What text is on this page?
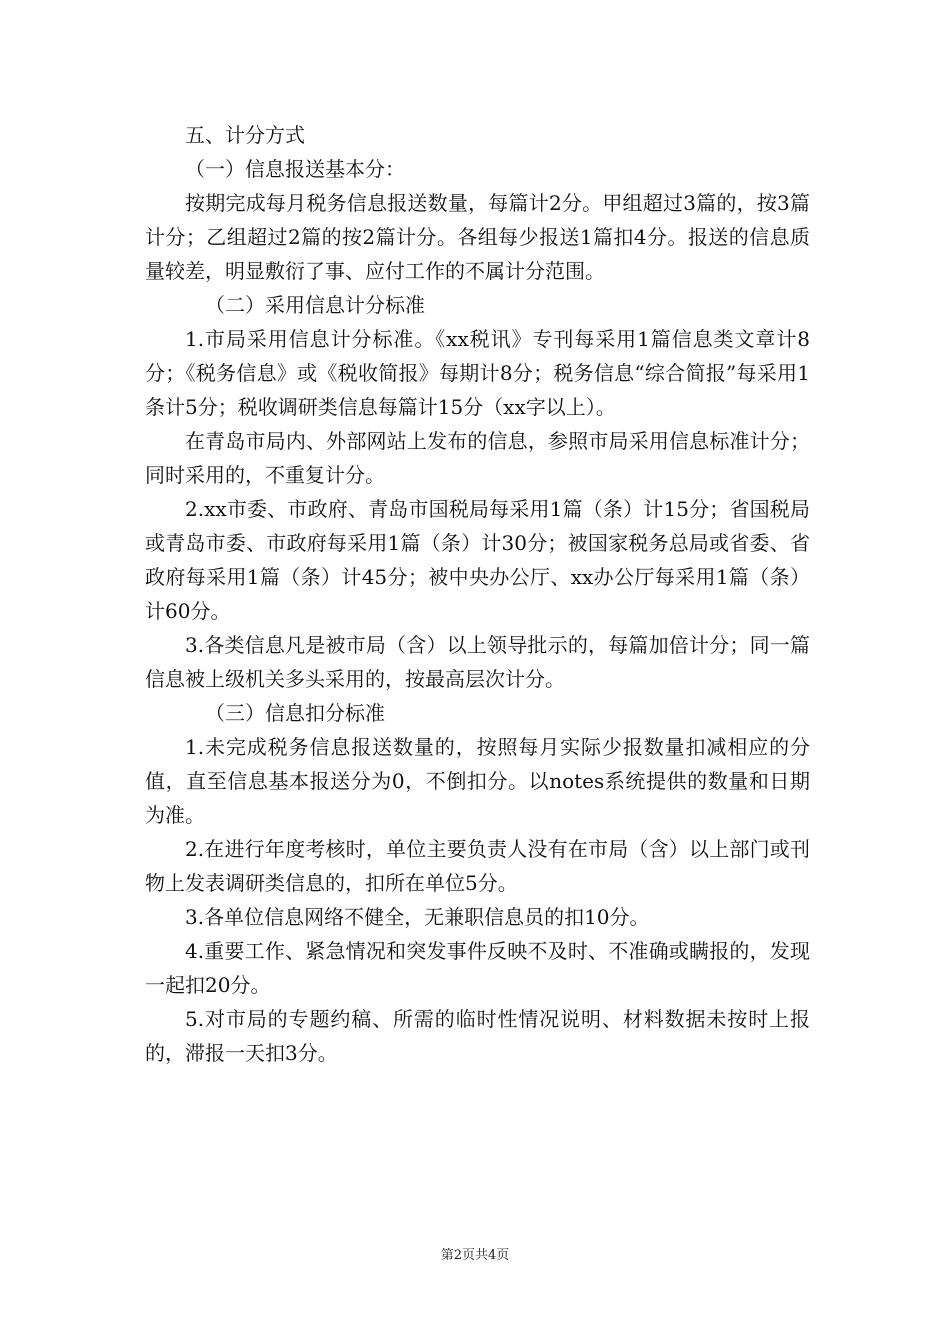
五、计分方式

（一）信息报送基本分：

按期完成每月税务信息报送数量，每篇计2分。甲组超过3篇的，按3篇计分；乙组超过2篇的按2篇计分。各组每少报送1篇扣4分。报送的信息质量较差，明显敷衍了事、应付工作的不属计分范围。

（二）采用信息计分标准

1.市局采用信息计分标准。《xx税讯》专刊每采用1篇信息类文章计8分；《税务信息》或《税收简报》每期计8分；税务信息“综合简报”每采用1条计5分；税收调研类信息每篇计15分（xx字以上）。

在青岛市局内、外部网站上发布的信息，参照市局采用信息标准计分；同时采用的，不重复计分。

2.xx市委、市政府、青岛市国税局每采用1篇（条）计15分；省国税局或青岛市委、市政府每采用1篇（条）计30分；被国家税务总局或省委、省政府每采用1篇（条）计45分；被中央办公厅、xx办公厅每采用1篇（条）计60分。

3.各类信息凡是被市局（含）以上领导批示的，每篇加倍计分；同一篇信息被上级机关多头采用的，按最高层次计分。

（三）信息扣分标准

1.未完成税务信息报送数量的，按照每月实际少报数量扣减相应的分值，直至信息基本报送分为0，不倒扣分。以notes系统提供的数量和日期为准。

2.在进行年度考核时，单位主要负责人没有在市局（含）以上部门或刊物上发表调研类信息的，扣所在单位5分。

3.各单位信息网络不健全，无兼职信息员的扣10分。

4.重要工作、紧急情况和突发事件反映不及时、不准确或瞒报的，发现一起扣20分。

5.对市局的专题约稿、所需的临时性情况说明、材料数据未按时上报的，滞报一天扣3分。

第2页共4页
